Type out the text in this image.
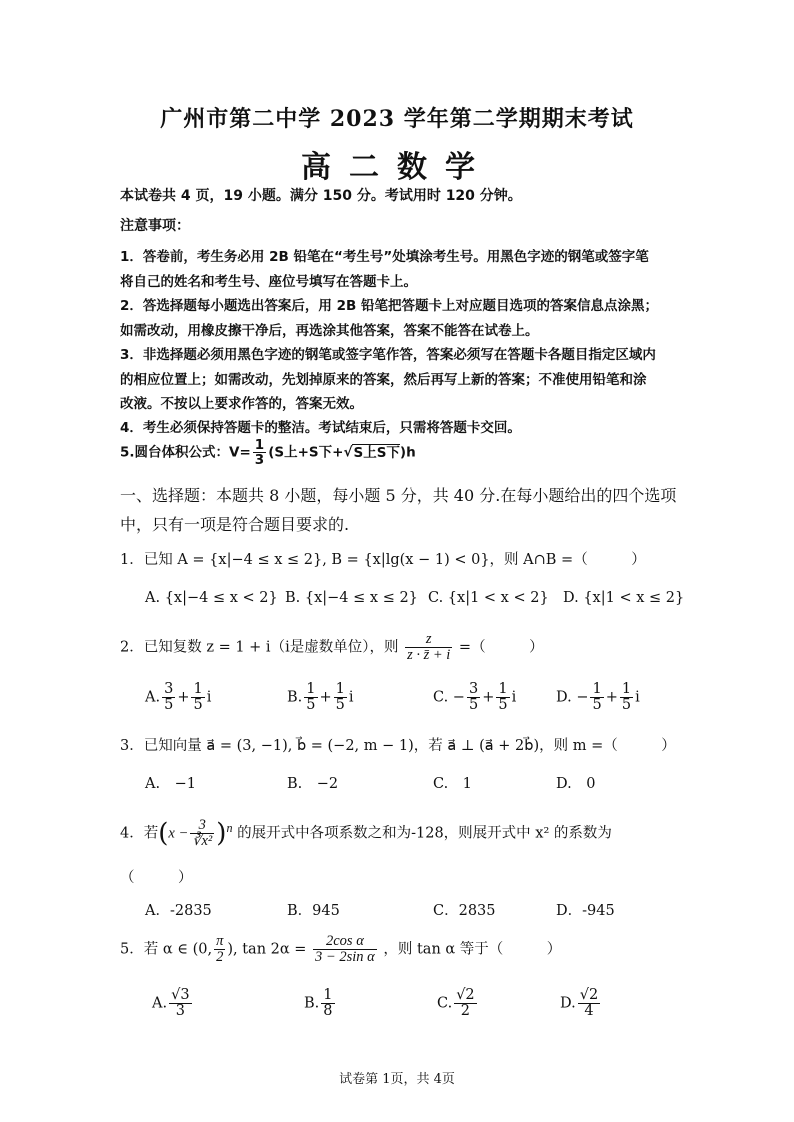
广州市第二中学 2023 学年第二学期期末考试
高二数学
本试卷共 4 页，19 小题。满分 150 分。考试用时 120 分钟。
注意事项：
1．答卷前，考生务必用 2B 铅笔在“考生号”处填涂考生号。用黑色字迹的钢笔或签字笔
将自己的姓名和考生号、座位号填写在答题卡上。
2．答选择题每小题选出答案后，用 2B 铅笔把答题卡上对应题目选项的答案信息点涂黑；
如需改动，用橡皮擦干净后，再选涂其他答案，答案不能答在试卷上。
3．非选择题必须用黑色字迹的钢笔或签字笔作答，答案必须写在答题卡各题目指定区域内
的相应位置上；如需改动，先划掉原来的答案，然后再写上新的答案；不准使用铅笔和涂
改液。不按以上要求作答的，答案无效。
4．考生必须保持答题卡的整洁。考试结束后，只需将答题卡交回。
5.圆台体积公式：$V= \frac{1}{3} (S$上+S下+√S上S下)h
一、选择题：本题共 8 小题，每小题 5 分，共 40 分.在每小题给出的四个选项
中，只有一项是符合题目要求的.
1．已知 A = {x|−4 ≤ x ≤ 2}, B = {x|lg(x − 1) < 0}，则 A∩B =（　　　）
A. {x|−4 ≤ x < 2} B. {x|−4 ≤ x ≤ 2} C. {x|1 < x < 2} D. {x|1 < x ≤ 2}
2．已知复数 z = 1 + i（i是虚数单位），则 $\frac{z}{z \cdot z̄ + i}$ =（　　　）
A. $\frac{3}{5} + \frac{1}{5}$ i	B. $\frac{1}{5} + \frac{1}{5}$ i	C. − $\frac{3}{5} + \frac{1}{5}$ i	D. − $\frac{1}{5} + \frac{1}{5}$ i
3．已知向量 a⃗ = (3, −1), b⃗ = (−2, m − 1)，若 a⃗ ⊥ (a⃗ + 2b⃗)，则 m =（　　　）
A.　−1	B.　−2	C.　1	D.　0
4．若$(x - \frac{3}{\text{∛x²}} )^n$ 的展开式中各项系数之和为-128，则展开式中 x² 的系数为
（　　　）
A．-2835	B．945	C．2835	D．-945
5．若 α ∈ (0, $\frac{\pi}{2}$ ), $\tan 2\alpha = \frac{\text{2cos α}}{\text{3 − 2sin α}}$ ，则 tan α 等于（　　　）
A. $\frac{√3}{3}$	B. $\frac{1}{8}$	C. $\frac{√2}{2}$	D. $\frac{√2}{4}$
试卷第 1页，共 4页
